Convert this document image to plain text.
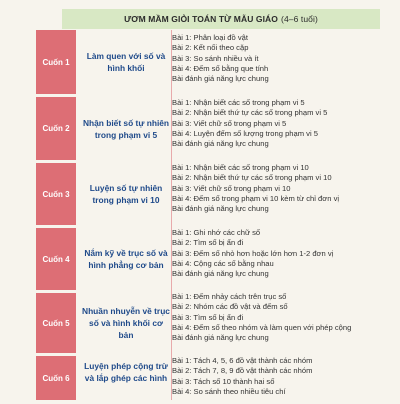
ƯƠM MẦM GIỎI TOÁN TỪ MẪU GIÁO (4–6 tuổi)
Cuốn 1
Làm quen với số và hình khối
Bài 1: Phân loại đồ vật
Bài 2: Kết nối theo cặp
Bài 3: So sánh nhiều và ít
Bài 4: Đếm số bằng que tính
Bài đánh giá năng lực chung
Cuốn 2
Nhận biết số tự nhiên trong phạm vi 5
Bài 1: Nhận biết các số trong phạm vi 5
Bài 2: Nhận biết thứ tự các số trong phạm vi 5
Bài 3: Viết chữ số trong phạm vi 5
Bài 4: Luyện đếm số lượng trong phạm vi 5
Bài đánh giá năng lực chung
Cuốn 3
Luyện số tự nhiên trong phạm vi 10
Bài 1: Nhận biết các số trong phạm vi 10
Bài 2: Nhận biết thứ tự các số trong phạm vi 10
Bài 3: Viết chữ số trong phạm vi 10
Bài 4: Đếm số trong phạm vi 10 kèm từ chỉ đơn vị
Bài đánh giá năng lực chung
Cuốn 4
Nắm kỹ về trục số và hình phẳng cơ bản
Bài 1: Ghi nhớ các chữ số
Bài 2: Tìm số bị ẩn đi
Bài 3: Đếm số nhỏ hơn hoặc lớn hơn 1-2 đơn vị
Bài 4: Cộng các số bằng nhau
Bài đánh giá năng lực chung
Cuốn 5
Nhuần nhuyễn về trục số và hình khối cơ bản
Bài 1: Đếm nhảy cách trên trục số
Bài 2: Nhóm các đồ vật và đếm số
Bài 3: Tìm số bị ẩn đi
Bài 4: Đếm số theo nhóm và làm quen với phép cộng
Bài đánh giá năng lực chung
Cuốn 6
Luyện phép cộng trừ và lắp ghép các hình
Bài 1: Tách 4, 5, 6 đồ vật thành các nhóm
Bài 2: Tách 7, 8, 9 đồ vật thành các nhóm
Bài 3: Tách số 10 thành hai số
Bài 4: So sánh theo nhiều tiêu chí
